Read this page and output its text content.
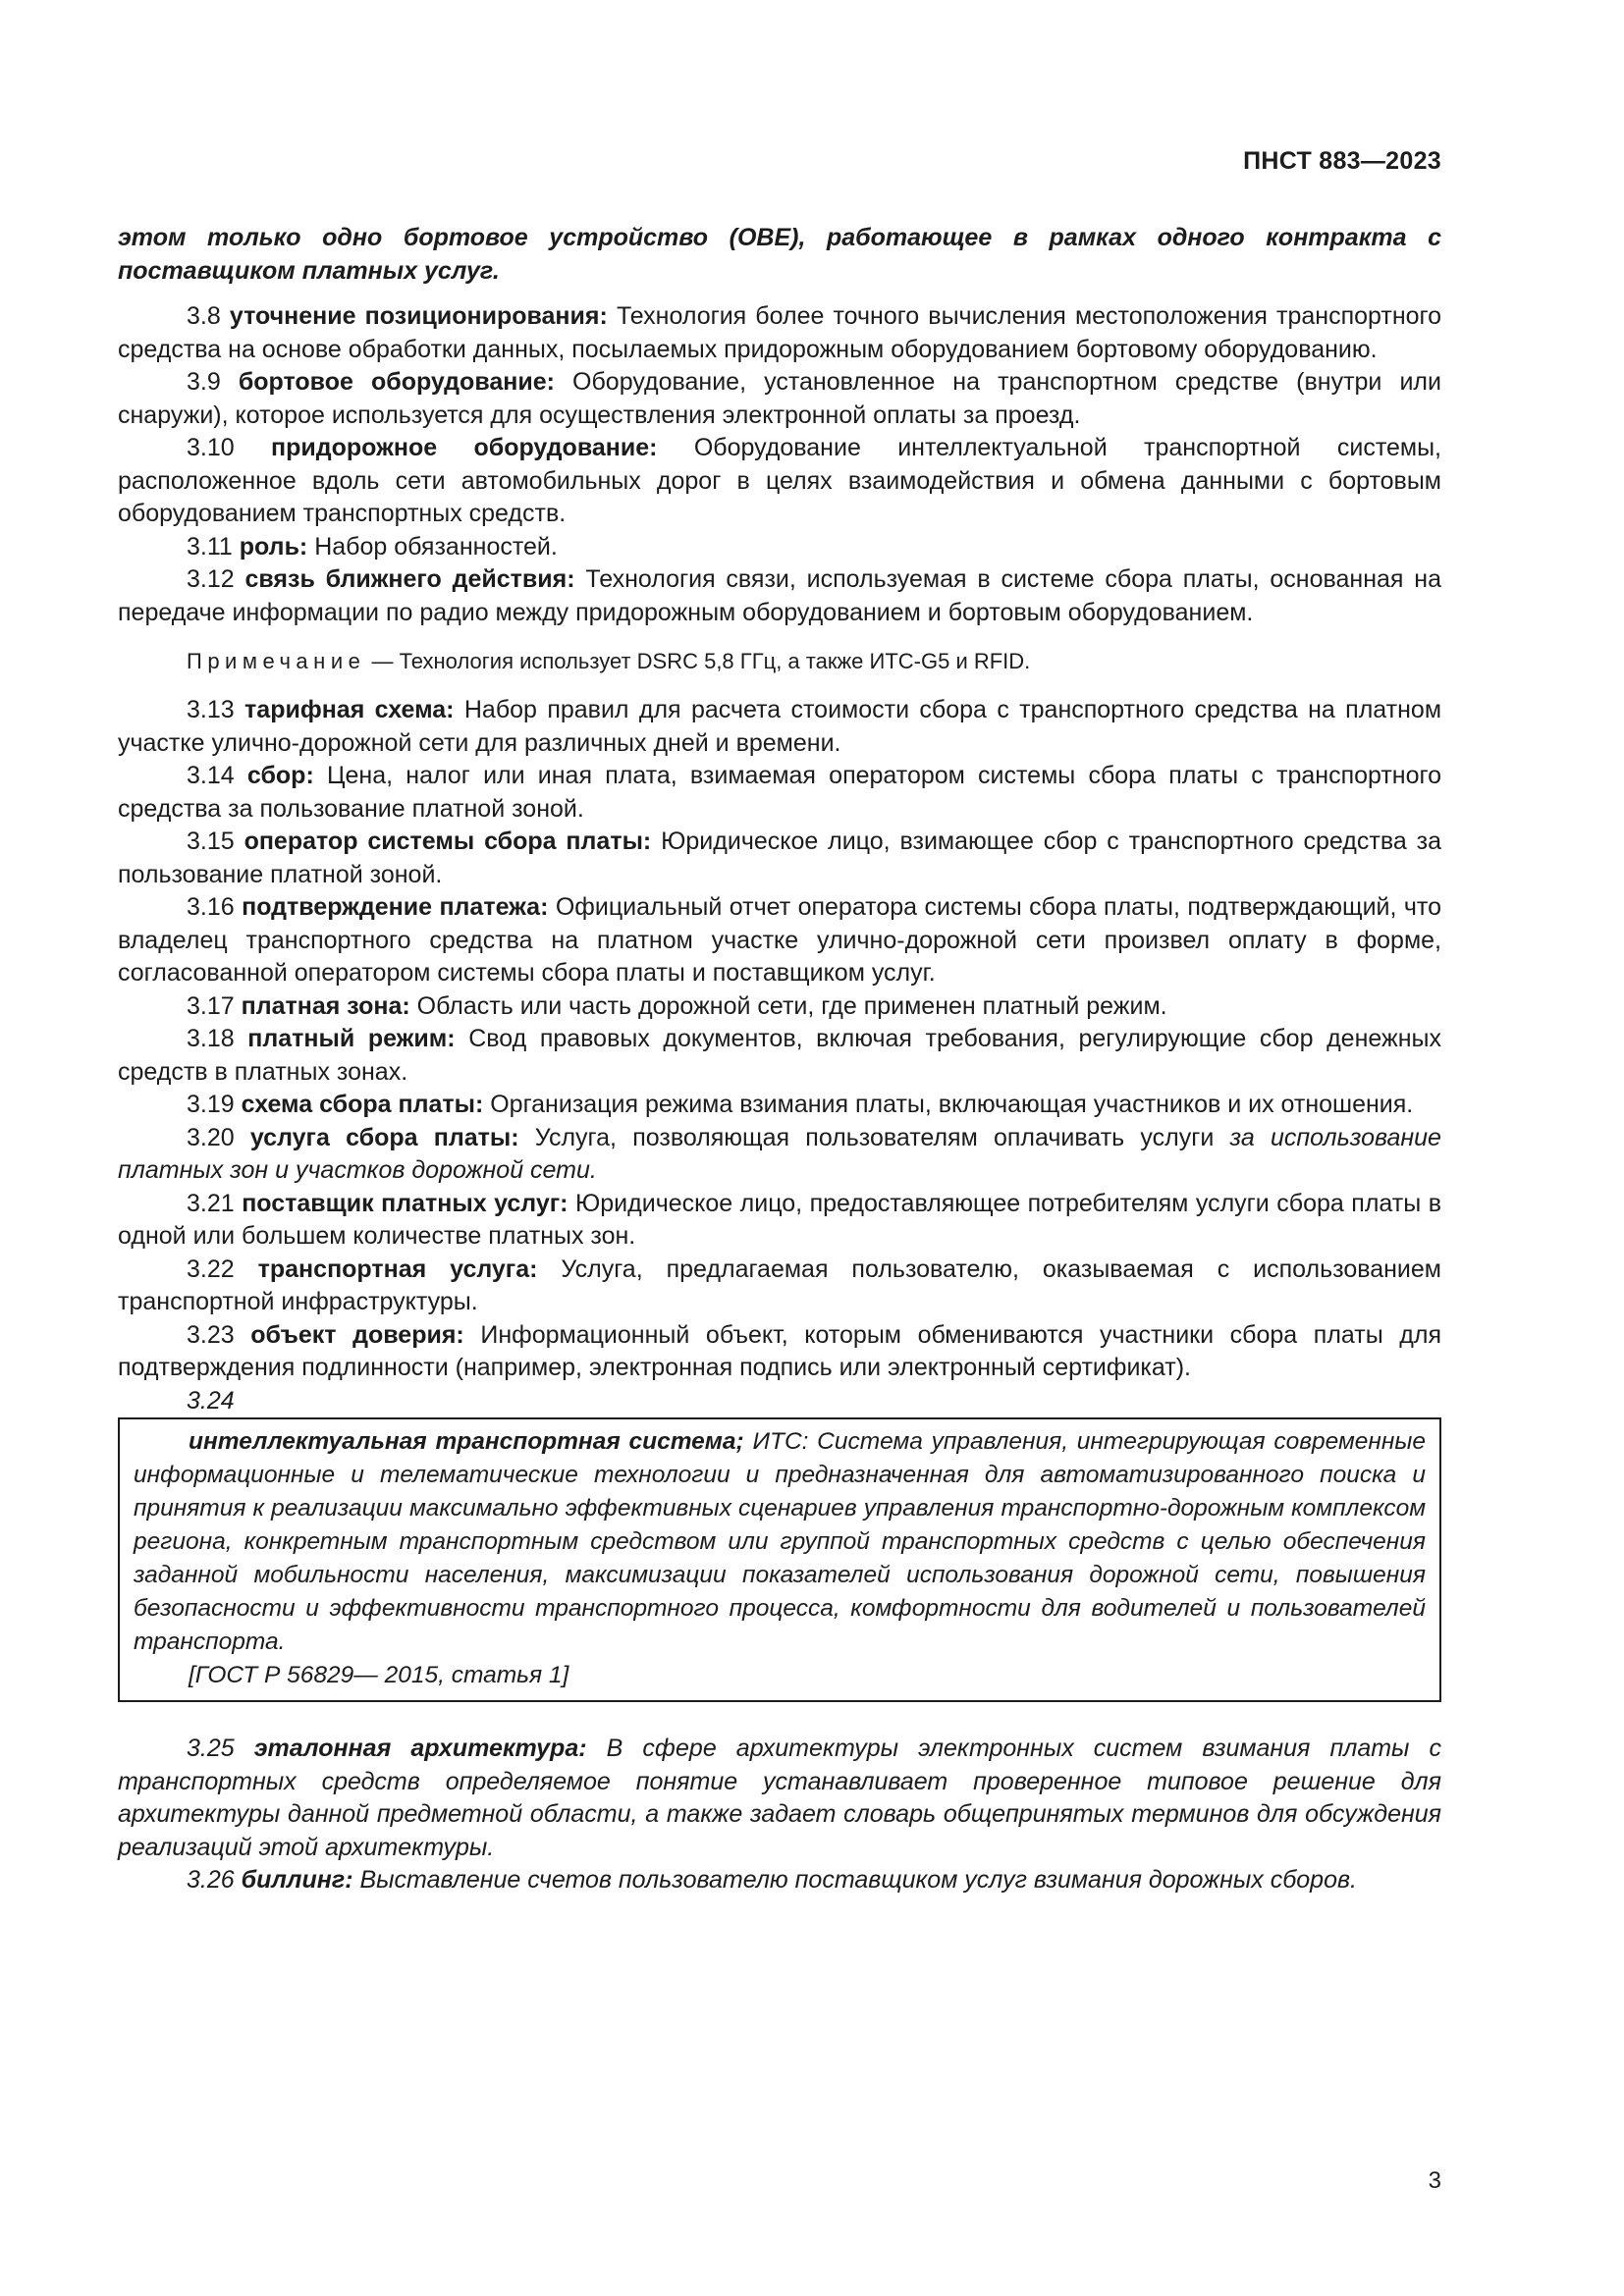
ПНСТ 883—2023

этом только одно бортовое устройство (OBE), работающее в рамках одного контракта с поставщиком платных услуг.

3.8 уточнение позиционирования: Технология более точного вычисления местоположения транспортного средства на основе обработки данных, посылаемых придорожным оборудованием бортовому оборудованию.

3.9 бортовое оборудование: Оборудование, установленное на транспортном средстве (внутри или снаружи), которое используется для осуществления электронной оплаты за проезд.

3.10 придорожное оборудование: Оборудование интеллектуальной транспортной системы, расположенное вдоль сети автомобильных дорог в целях взаимодействия и обмена данными с бортовым оборудованием транспортных средств.

3.11 роль: Набор обязанностей.

3.12 связь ближнего действия: Технология связи, используемая в системе сбора платы, основанная на передаче информации по радио между придорожным оборудованием и бортовым оборудованием.

Примечание — Технология использует DSRC 5,8 ГГц, а также ИТС-G5 и RFID.

3.13 тарифная схема: Набор правил для расчета стоимости сбора с транспортного средства на платном участке улично-дорожной сети для различных дней и времени.

3.14 сбор: Цена, налог или иная плата, взимаемая оператором системы сбора платы с транспортного средства за пользование платной зоной.

3.15 оператор системы сбора платы: Юридическое лицо, взимающее сбор с транспортного средства за пользование платной зоной.

3.16 подтверждение платежа: Официальный отчет оператора системы сбора платы, подтверждающий, что владелец транспортного средства на платном участке улично-дорожной сети произвел оплату в форме, согласованной оператором системы сбора платы и поставщиком услуг.

3.17 платная зона: Область или часть дорожной сети, где применен платный режим.

3.18 платный режим: Свод правовых документов, включая требования, регулирующие сбор денежных средств в платных зонах.

3.19 схема сбора платы: Организация режима взимания платы, включающая участников и их отношения.

3.20 услуга сбора платы: Услуга, позволяющая пользователям оплачивать услуги за использование платных зон и участков дорожной сети.

3.21 поставщик платных услуг: Юридическое лицо, предоставляющее потребителям услуги сбора платы в одной или большем количестве платных зон.

3.22 транспортная услуга: Услуга, предлагаемая пользователю, оказываемая с использованием транспортной инфраструктуры.

3.23 объект доверия: Информационный объект, которым обмениваются участники сбора платы для подтверждения подлинности (например, электронная подпись или электронный сертификат).

3.24

интеллектуальная транспортная система; ИТС: Система управления, интегрирующая современные информационные и телематические технологии и предназначенная для автоматизированного поиска и принятия к реализации максимально эффективных сценариев управления транспортно-дорожным комплексом региона, конкретным транспортным средством или группой транспортных средств с целью обеспечения заданной мобильности населения, максимизации показателей использования дорожной сети, повышения безопасности и эффективности транспортного процесса, комфортности для водителей и пользователей транспорта.

[ГОСТ Р 56829— 2015, статья 1]

3.25 эталонная архитектура: В сфере архитектуры электронных систем взимания платы с транспортных средств определяемое понятие устанавливает проверенное типовое решение для архитектуры данной предметной области, а также задает словарь общепринятых терминов для обсуждения реализаций этой архитектуры.

3.26 биллинг: Выставление счетов пользователю поставщиком услуг взимания дорожных сборов.

3
